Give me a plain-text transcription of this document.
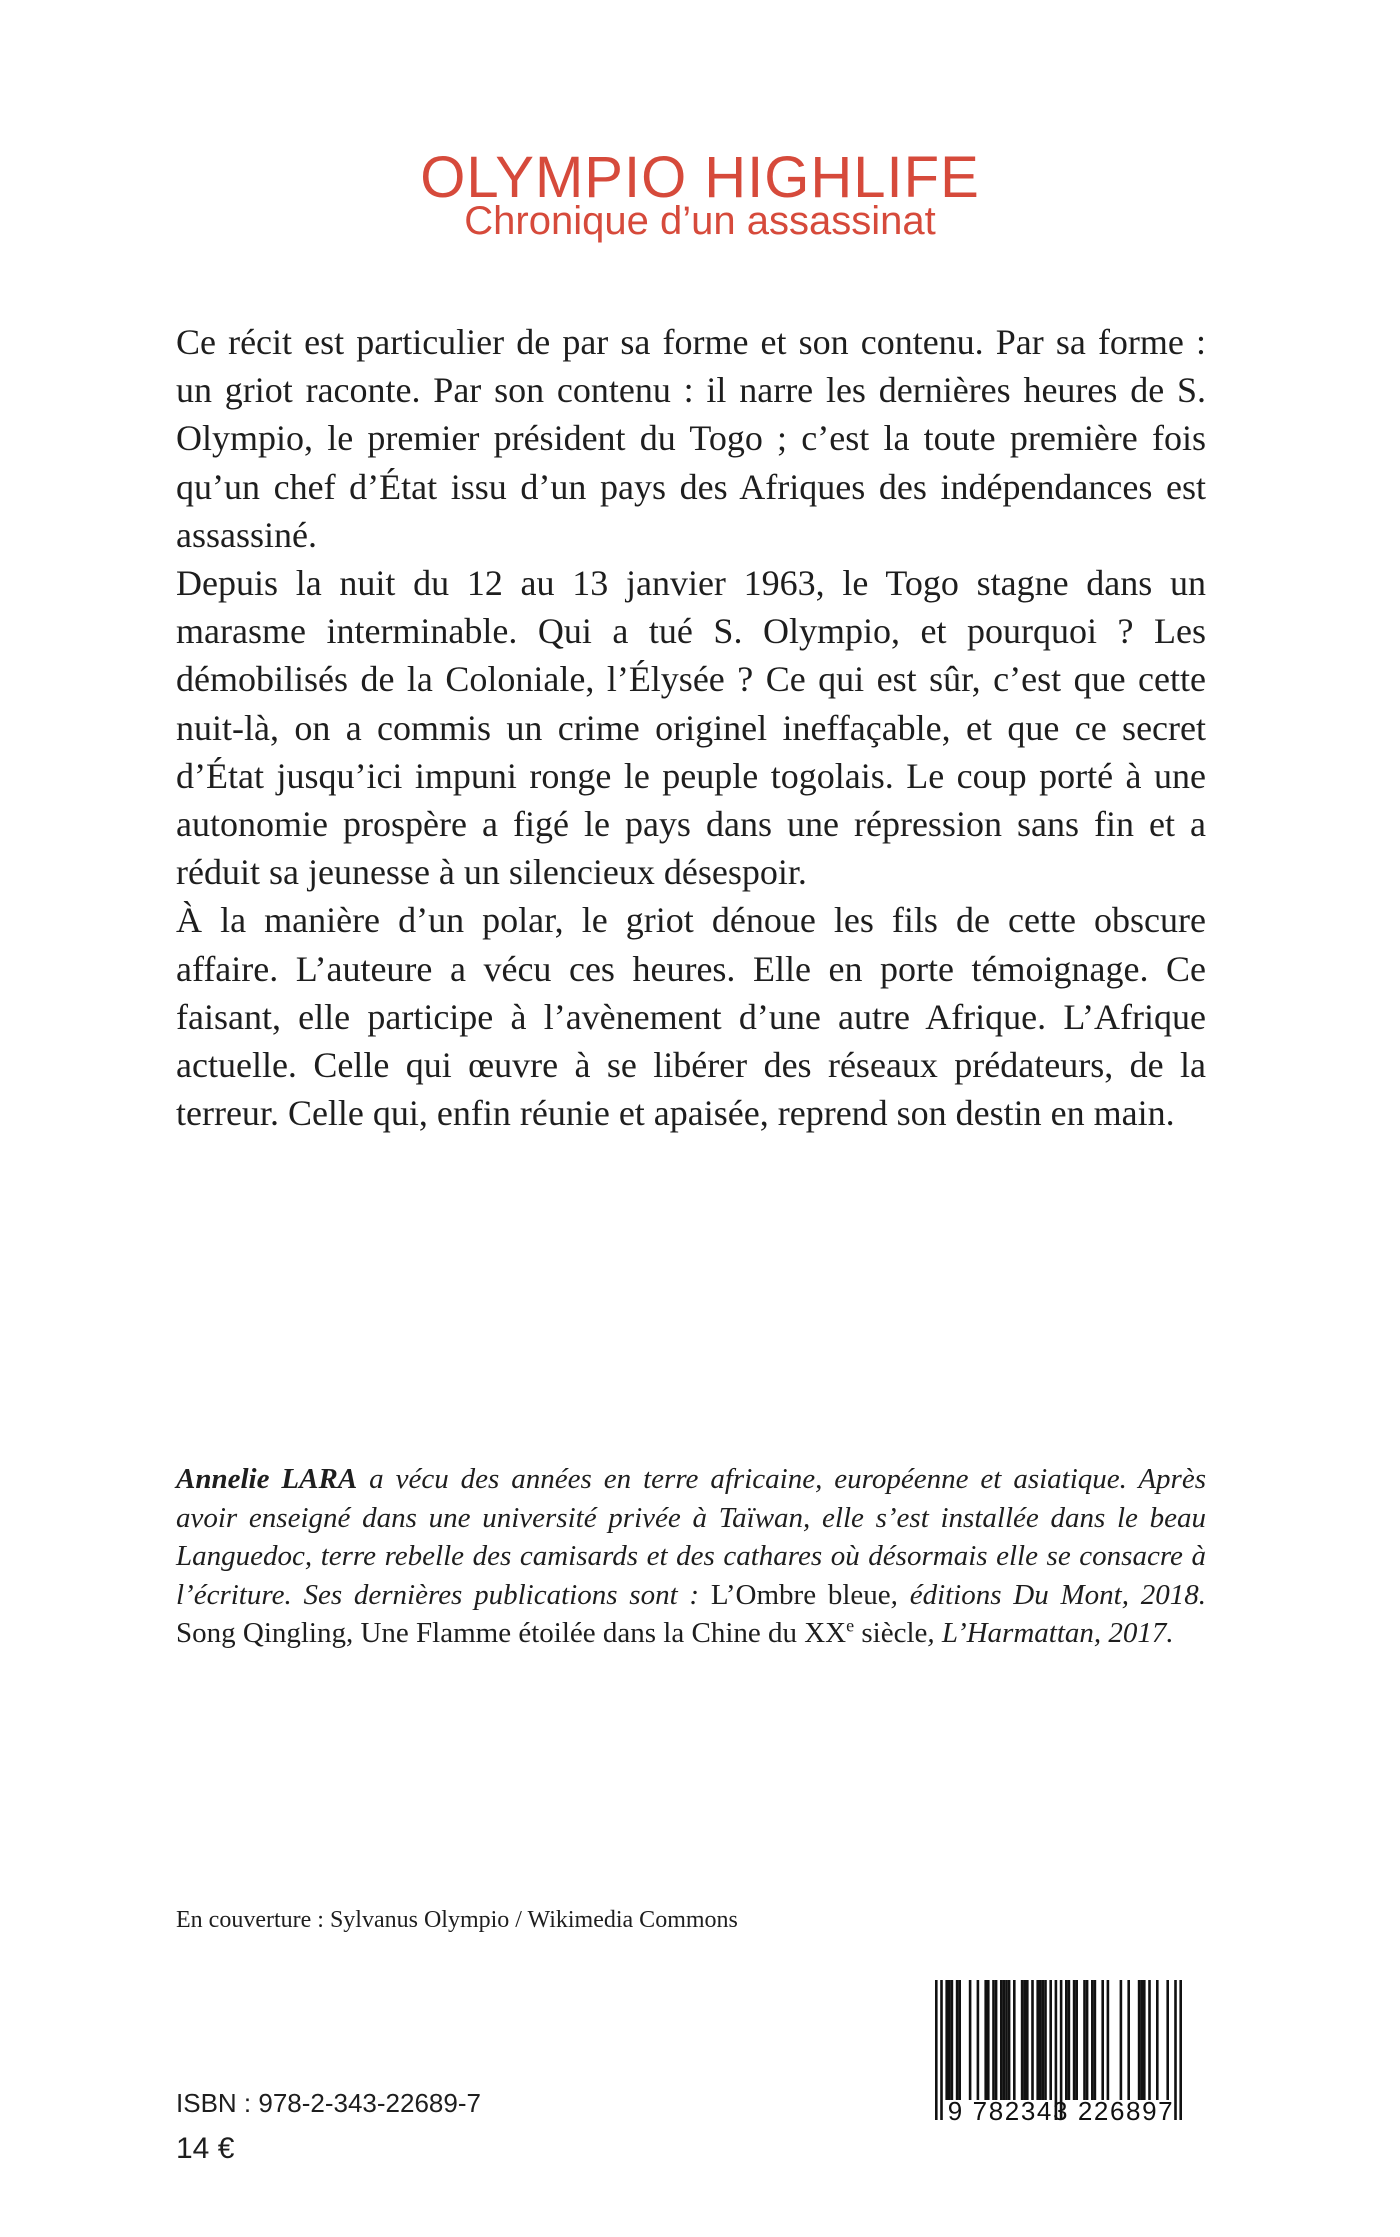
OLYMPIO HIGHLIFE
Chronique d’un assassinat

Ce récit est particulier de par sa forme et son contenu. Par sa forme : un griot raconte. Par son contenu : il narre les dernières heures de S. Olympio, le premier président du Togo ; c’est la toute première fois qu’un chef d’État issu d’un pays des Afriques des indépendances est assassiné.

Depuis la nuit du 12 au 13 janvier 1963, le Togo stagne dans un marasme interminable. Qui a tué S. Olympio, et pourquoi ? Les démobilisés de la Coloniale, l’Élysée ? Ce qui est sûr, c’est que cette nuit-là, on a commis un crime originel ineffaçable, et que ce secret d’État jusqu’ici impuni ronge le peuple togolais. Le coup porté à une autonomie prospère a figé le pays dans une répression sans fin et a réduit sa jeunesse à un silencieux désespoir.

À la manière d’un polar, le griot dénoue les fils de cette obscure affaire. L’auteure a vécu ces heures. Elle en porte témoignage. Ce faisant, elle participe à l’avènement d’une autre Afrique. L’Afrique actuelle. Celle qui œuvre à se libérer des réseaux prédateurs, de la terreur. Celle qui, enfin réunie et apaisée, reprend son destin en main.

Annelie LARA a vécu des années en terre africaine, européenne et asiatique. Après avoir enseigné dans une université privée à Taïwan, elle s’est installée dans le beau Languedoc, terre rebelle des camisards et des cathares où désormais elle se consacre à l’écriture. Ses dernières publications sont : L’Ombre bleue, éditions Du Mont, 2018. Song Qingling, Une Flamme étoilée dans la Chine du XXe siècle, L’Harmattan, 2017.

En couverture : Sylvanus Olympio / Wikimedia Commons
ISBN : 978-2-343-22689-7
14 €
9 782343 226897
